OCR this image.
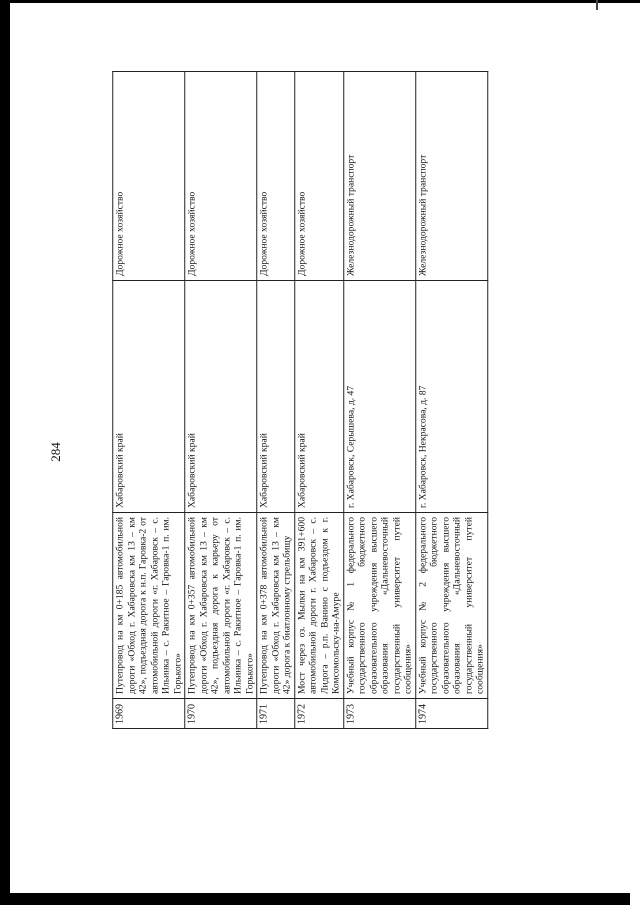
284
1969	Путепровод на км 0+185 автомобильной дороги «Обход г. Хабаровска км 13 – км 42», подъездная дорога к н.п. Гаровка-2 от автомобильной дороги «г. Хабаровск – с. Ильинка – с. Ракитное – Гаровка-1 п. им. Горького»	Хабаровский край	Дорожное хозяйство
1970	Путепровод на км 0+357 автомобильной дороги «Обход г. Хабаровска км 13 – км 42», подъездная дорога к карьеру от автомобильной дороги «г. Хабаровск – с. Ильинка – с. Ракитное – Гаровка-1 п. им. Горького»	Хабаровский край	Дорожное хозяйство
1971	Путепровод на км 0+378 автомобильной дороги «Обход г. Хабаровска км 13 – км 42» дорога к биатлонному стрельбищу	Хабаровский край	Дорожное хозяйство
1972	Мост через оз. Мылки на км 391+600 автомобильной дороги г. Хабаровск – с. Лидога – р.п. Ванино с подъездом к г. Комсомольску-на-Амуре	Хабаровский край	Дорожное хозяйство
1973	Учебный корпус № 1 федерального государственного бюджетного образовательного учреждения высшего образования «Дальневосточный государственный университет путей сообщения»	г. Хабаровск, Серышева, д. 47	Железнодорожный транспорт
1974	Учебный корпус № 2 федерального государственного бюджетного образовательного учреждения высшего образования «Дальневосточный государственный университет путей сообщения»	г. Хабаровск, Некрасова, д. 87	Железнодорожный транспорт
